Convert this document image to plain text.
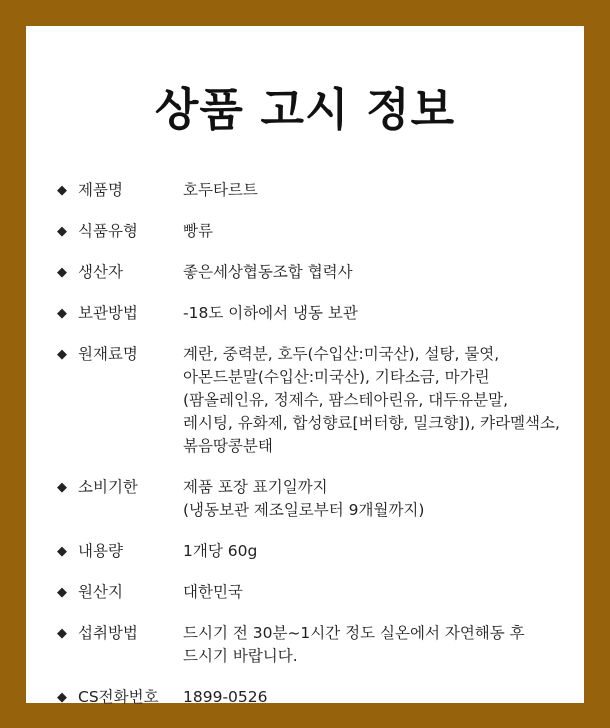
상품 고시 정보
◆ 제품명	호두타르트
◆ 식품유형	빵류
◆ 생산자	좋은세상협동조합 협력사
◆ 보관방법	-18도 이하에서 냉동 보관
◆ 원재료명	계란, 중력분, 호두(수입산:미국산), 설탕, 물엿,
아몬드분말(수입산:미국산), 기타소금, 마가린
(팜올레인유, 정제수, 팜스테아린유, 대두유분말,
레시팅, 유화제, 합성향료[버터향, 밀크향]), 캬라멜색소,
볶음땅콩분태
◆ 소비기한	제품 포장 표기일까지
(냉동보관 제조일로부터 9개월까지)
◆ 내용량	1개당 60g
◆ 원산지	대한민국
◆ 섭취방법	드시기 전 30분~1시간 정도 실온에서 자연해동 후
드시기 바랍니다.
◆ CS전화번호 1899-0526
